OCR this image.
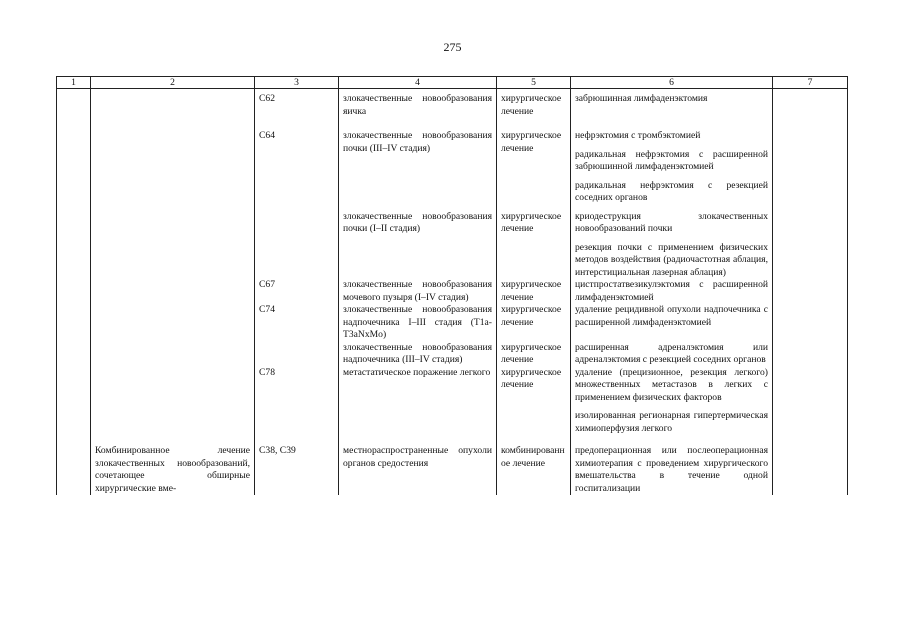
275
1	2	3	4	5	6	7
		C62	злокачественные новообразования яичка	хирургическое лечение	забрюшинная лимфаденэктомия	

		C64	злокачественные новообразования почки (III–IV стадия)	хирургическое лечение	нефрэктомия с тромбэктомией
радикальная нефрэктомия с расширенной забрюшинной лимфаденэктомией
радикальная нефрэктомия с резекцией соседних органов	

			злокачественные новообразования почки (I–II стадия)	хирургическое лечение	криодеструкция злокачественных новообразований почки
резекция почки с применением физических методов воздействия (радиочастотная аблация, интерстициальная лазерная аблация)	

		C67	злокачественные новообразования мочевого пузыря (I–IV стадия)	хирургическое лечение	цистпростатвезикулэктомия с расширенной лимфаденэктомией	

		C74	злокачественные новообразования надпочечника I–III стадия (T1a-T3aNxMo)	хирургическое лечение	удаление рецидивной опухоли надпочечника с расширенной лимфаденэктомией	

			злокачественные новообразования надпочечника (III–IV стадия)	хирургическое лечение	расширенная адреналэктомия или адреналэктомия с резекцией соседних органов	

		C78	метастатическое поражение легкого	хирургическое лечение	удаление (прецизионное, резекция легкого) множественных метастазов в легких с применением физических факторов
изолированная регионарная гипертермическая химиоперфузия легкого	

	Комбинированное лечение злокачественных новообразований, сочетающее обширные хирургические вме-	C38, C39	местнораспространенные опухоли органов средостения	комбинированное лечение	предоперационная или послеоперационная химиотерапия с проведением хирургического вмешательства в течение одной госпитализации	
